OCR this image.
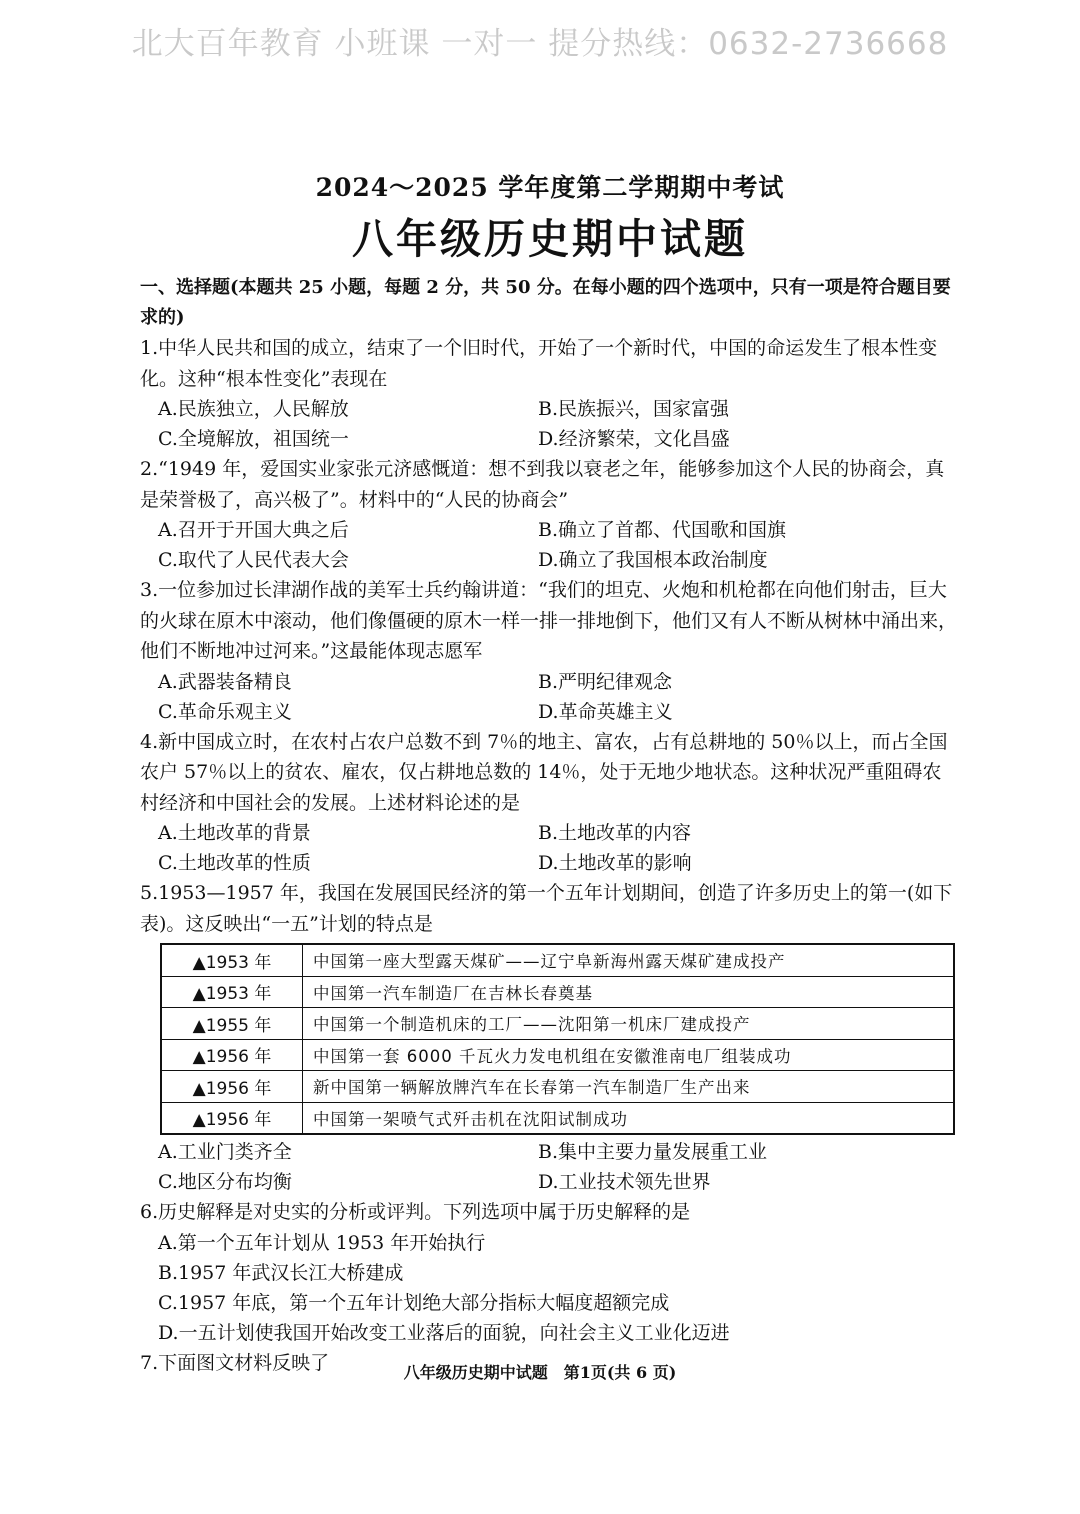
北大百年教育 小班课 一对一 提分热线：0632-2736668
2024～2025 学年度第二学期期中考试
八年级历史期中试题
一、选择题(本题共 25 小题，每题 2 分，共 50 分。在每小题的四个选项中，只有一项是符合题目要求的)
1.中华人民共和国的成立，结束了一个旧时代，开始了一个新时代，中国的命运发生了根本性变化。这种“根本性变化”表现在
A.民族独立，人民解放	B.民族振兴，国家富强
C.全境解放，祖国统一	D.经济繁荣，文化昌盛
2.“1949 年，爱国实业家张元济感慨道：想不到我以衰老之年，能够参加这个人民的协商会，真是荣誉极了，高兴极了”。材料中的“人民的协商会”
A.召开于开国大典之后	B.确立了首都、代国歌和国旗
C.取代了人民代表大会	D.确立了我国根本政治制度
3.一位参加过长津湖作战的美军士兵约翰讲道：“我们的坦克、火炮和机枪都在向他们射击，巨大的火球在原木中滚动，他们像僵硬的原木一样一排一排地倒下，他们又有人不断从树林中涌出来，他们不断地冲过河来。”这最能体现志愿军
A.武器装备精良	B.严明纪律观念
C.革命乐观主义	D.革命英雄主义
4.新中国成立时，在农村占农户总数不到 7％的地主、富农，占有总耕地的 50％以上，而占全国农户 57％以上的贫农、雇农，仅占耕地总数的 14％，处于无地少地状态。这种状况严重阻碍农村经济和中国社会的发展。上述材料论述的是
A.土地改革的背景	B.土地改革的内容
C.土地改革的性质	D.土地改革的影响
5.1953—1957 年，我国在发展国民经济的第一个五年计划期间，创造了许多历史上的第一(如下表)。这反映出“一五”计划的特点是
▲1953 年	中国第一座大型露天煤矿——辽宁阜新海州露天煤矿建成投产
▲1953 年	中国第一汽车制造厂在吉林长春奠基
▲1955 年	中国第一个制造机床的工厂——沈阳第一机床厂建成投产
▲1956 年	中国第一套 6000 千瓦火力发电机组在安徽淮南电厂组装成功
▲1956 年	新中国第一辆解放牌汽车在长春第一汽车制造厂生产出来
▲1956 年	中国第一架喷气式歼击机在沈阳试制成功
A.工业门类齐全	B.集中主要力量发展重工业
C.地区分布均衡	D.工业技术领先世界
6.历史解释是对史实的分析或评判。下列选项中属于历史解释的是
A.第一个五年计划从 1953 年开始执行
B.1957 年武汉长江大桥建成
C.1957 年底，第一个五年计划绝大部分指标大幅度超额完成
D.一五计划使我国开始改变工业落后的面貌，向社会主义工业化迈进
7.下面图文材料反映了	八年级历史期中试题　第1页(共 6 页)
